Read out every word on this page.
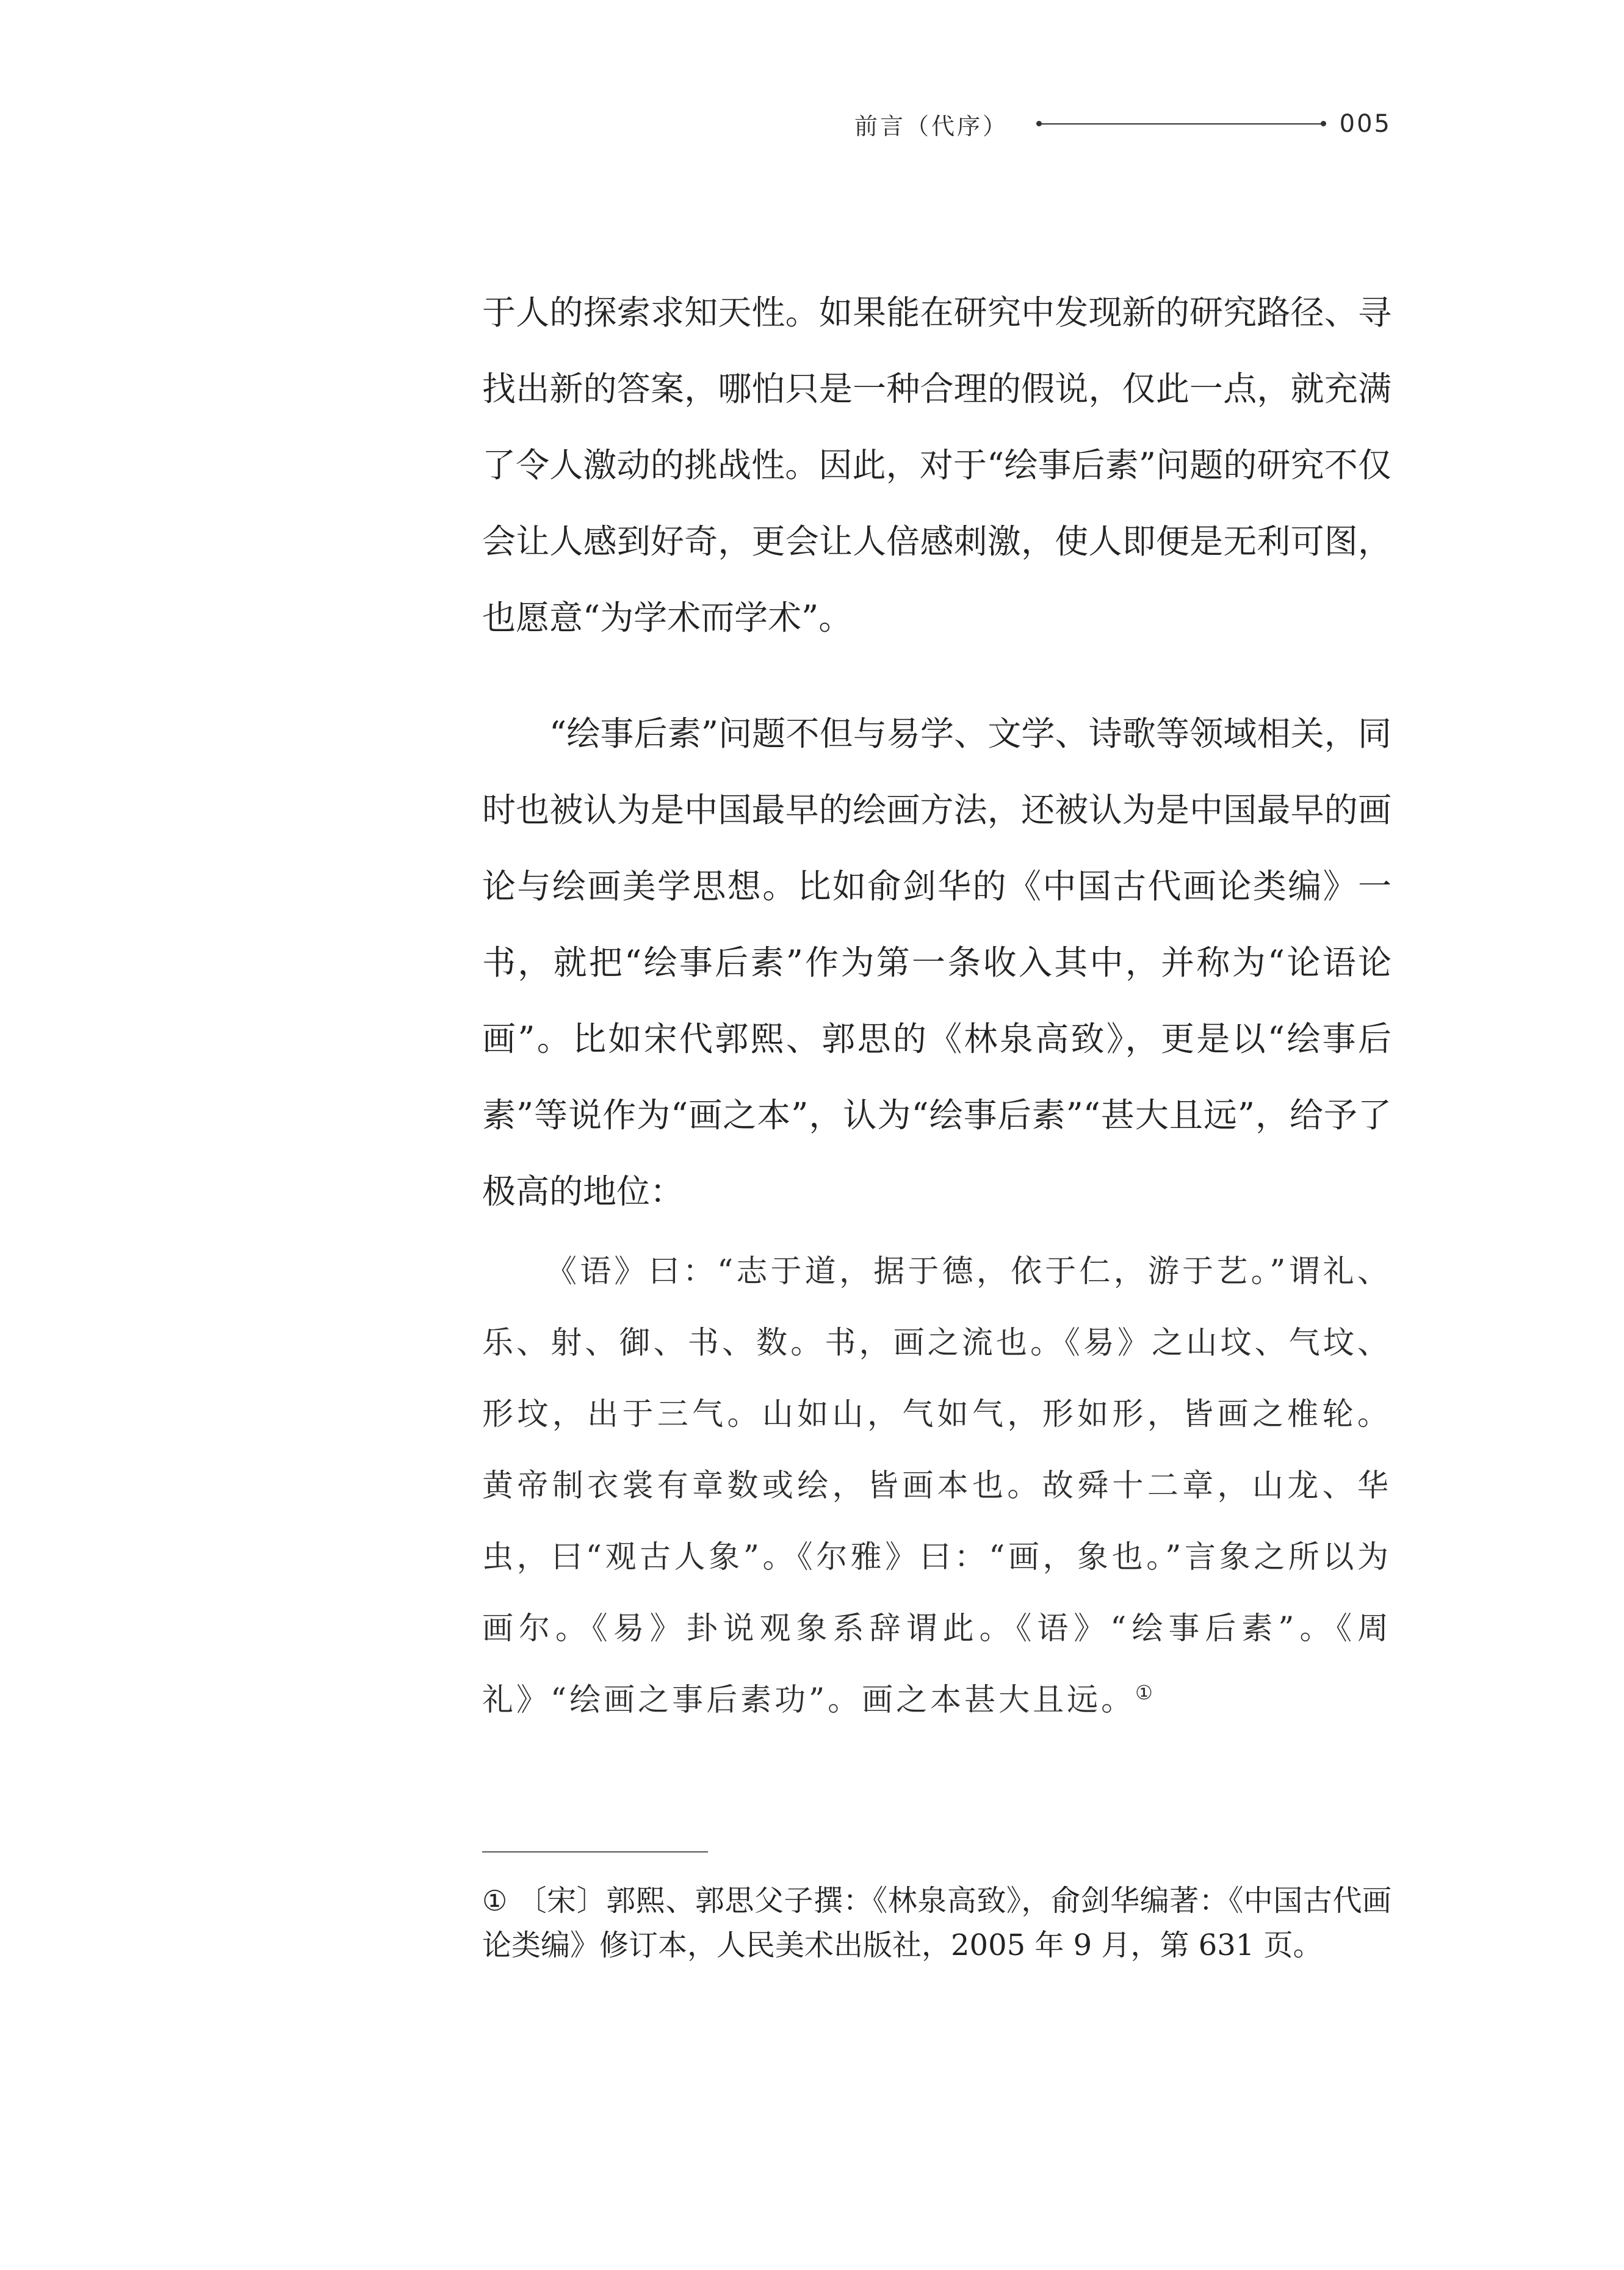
前言（代序）	005

于人的探索求知天性。如果能在研究中发现新的研究路径、寻找出新的答案，哪怕只是一种合理的假说，仅此一点，就充满了令人激动的挑战性。因此，对于“绘事后素”问题的研究不仅会让人感到好奇，更会让人倍感刺激，使人即便是无利可图，也愿意“为学术而学术”。

“绘事后素”问题不但与易学、文学、诗歌等领域相关，同时也被认为是中国最早的绘画方法，还被认为是中国最早的画论与绘画美学思想。比如俞剑华的《中国古代画论类编》一书，就把“绘事后素”作为第一条收入其中，并称为“论语论画”。比如宋代郭熙、郭思的《林泉高致》，更是以“绘事后素”等说作为“画之本”，认为“绘事后素”“甚大且远”，给予了极高的地位：

《语》曰：“志于道，据于德，依于仁，游于艺。”谓礼、乐、射、御、书、数。书，画之流也。《易》之山坟、气坟、形坟，出于三气。山如山，气如气，形如形，皆画之椎轮。黄帝制衣裳有章数或绘，皆画本也。故舜十二章，山龙、华虫，曰“观古人象”。《尔雅》曰：“画，象也。”言象之所以为画尔。《易》卦说观象系辞谓此。《语》“绘事后素”。《周礼》“绘画之事后素功”。画之本甚大且远。①

① 〔宋〕郭熙、郭思父子撰：《林泉高致》，俞剑华编著：《中国古代画论类编》修订本，人民美术出版社，2005 年 9 月，第 631 页。
